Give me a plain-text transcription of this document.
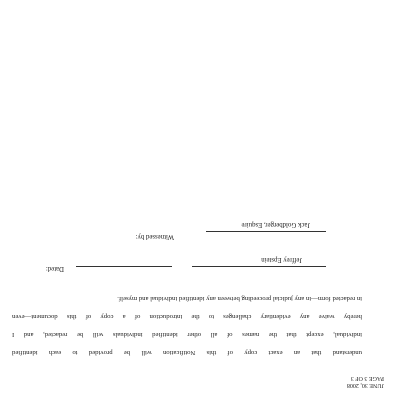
JUNE 30, 2008
PAGE 3 OF 3
understand that an exact copy of this Notification will be provided to each identified
individual, except that the names of all other identified individuals will be redacted, and I
hereby waive any evidentiary challenges to the introduction of a copy of this document—even
in redacted form—in any judicial proceeding between any identified individual and myself.
Dated:
Jeffrey Epstein
Witnessed by:
Jack Goldberger, Esquire
